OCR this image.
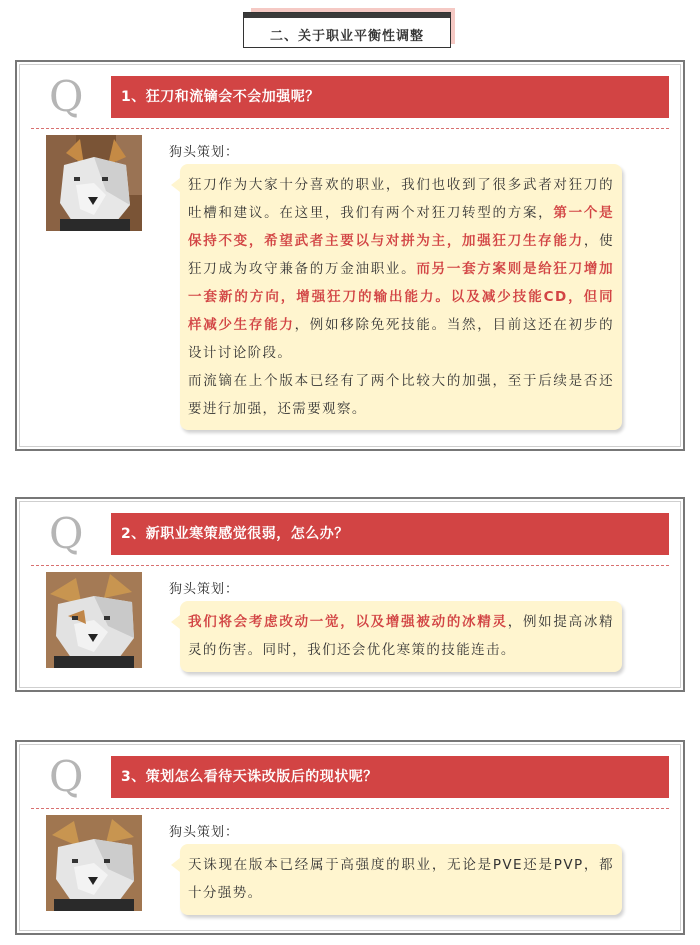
二、关于职业平衡性调整
Q	1、狂刀和流镝会不会加强呢？
狗头策划：
狂刀作为大家十分喜欢的职业，我们也收到了很多武者对狂刀的吐槽和建议。在这里，我们有两个对狂刀转型的方案，第一个是保持不变，希望武者主要以与对拼为主，加强狂刀生存能力，使狂刀成为攻守兼备的万金油职业。而另一套方案则是给狂刀增加一套新的方向，增强狂刀的输出能力。以及减少技能CD，但同样减少生存能力，例如移除免死技能。当然，目前这还在初步的设计讨论阶段。
而流镝在上个版本已经有了两个比较大的加强，至于后续是否还要进行加强，还需要观察。
Q	2、新职业寒策感觉很弱，怎么办？
狗头策划：
我们将会考虑改动一觉，以及增强被动的冰精灵，例如提高冰精灵的伤害。同时，我们还会优化寒策的技能连击。
Q	3、策划怎么看待天诛改版后的现状呢？
狗头策划：
天诛现在版本已经属于高强度的职业，无论是PVE还是PVP，都十分强势。
